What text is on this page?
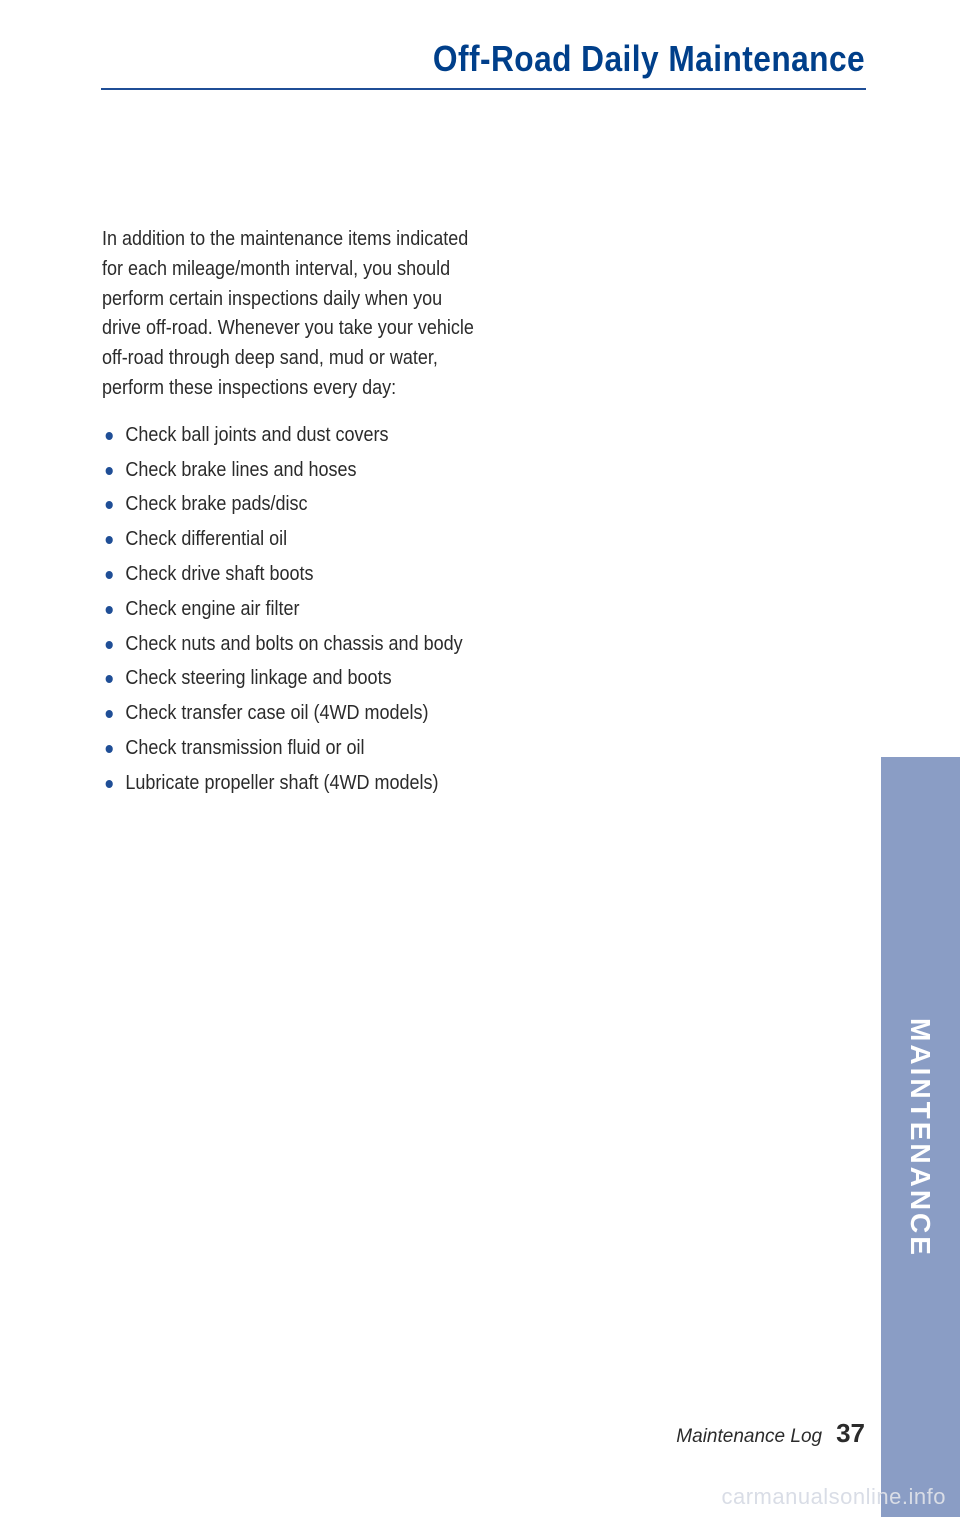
Off-Road Daily Maintenance

In addition to the maintenance items indicated for each mileage/month interval, you should perform certain inspections daily when you drive off-road. Whenever you take your vehicle off-road through deep sand, mud or water, perform these inspections every day:

Check ball joints and dust covers
Check brake lines and hoses
Check brake pads/disc
Check differential oil
Check drive shaft boots
Check engine air filter
Check nuts and bolts on chassis and body
Check steering linkage and boots
Check transfer case oil (4WD models)
Check transmission fluid or oil
Lubricate propeller shaft (4WD models)
MAINTENANCE
Maintenance Log 37
carmanualsonline.info
